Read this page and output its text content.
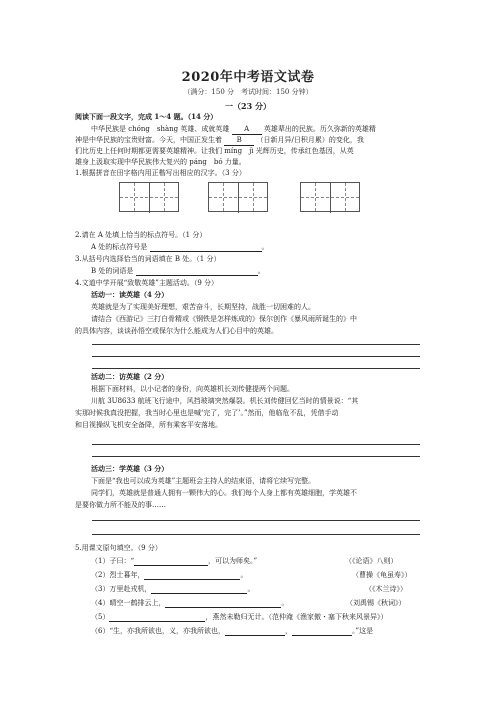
2020年中考语文试卷
（满分：150 分　考试时间：150 分钟）
一（23 分）
阅读下面一段文字，完成 1～4 题。（14 分）
中华民族是 chóng　shàng 英雄、成就英雄 A 英雄辈出的民族。历久弥新的英雄精
神是中华民族的宝贵财富。今天，中国正发生着 B （日新月异/日积月累）的变化，我
们比历史上任何时期都更需要英雄精神。让我们 míng　jì 光辉历史，传承红色基因，从英
雄身上汲取实现中华民族伟大复兴的 páng　bó 力量。
1.根据拼音在田字格内用正楷写出相应的汉字。（3 分）
2.请在 A 处填上恰当的标点符号。（1 分）
A 处的标点符号是	。
3.从括号内选择恰当的词语填在 B 处。（1 分）
B 处的词语是	。
4.文道中学开展“致敬英雄”主题活动。（9 分）
活动一：读英雄（4 分）
英雄就是为了实现美好理想，艰苦奋斗，长期坚持，战胜一切困难的人。
请结合《西游记》三打白骨精或《钢铁是怎样炼成的》保尔创作《暴风雨所诞生的》中
的具体内容，谈谈孙悟空或保尔为什么能成为人们心目中的英雄。
活动二：访英雄（2 分）
根据下面材料，以小记者的身份，向英雄机长刘传健提两个问题。
川航 3U8633 航班飞行途中，风挡玻璃突然爆裂。机长刘传健回忆当时的情景说：“其
实那时候我真没把握，我当时心里也是喊‘完了，完了’。”然而，他临危不乱，凭借手动
和目视操纵飞机安全备降，所有乘客平安落地。
活动三：学英雄（3 分）
下面是“我也可以成为英雄”主题班会主持人的结束语，请将它续写完整。
同学们，英雄就是普通人拥有一颗伟大的心。我们每个人身上都有英雄细胞，学英雄不
是要你做力所不能及的事……
5.用课文原句填空。（9 分）
（1）子曰：“	，可以为师矣。”	（《论语》八则）
（2）烈士暮年，	。	（曹操《龟虽寿》）
（3）万里赴戎机，	。	（《木兰诗》）
（4）晴空一鹤排云上，	。	（刘禹锡《秋词》）
（5）	，燕然未勒归无计。
（范仲淹《渔家傲・塞下秋来风景异》）
（6）“生，亦我所欲也，义，亦我所欲也，	，	。”这是
